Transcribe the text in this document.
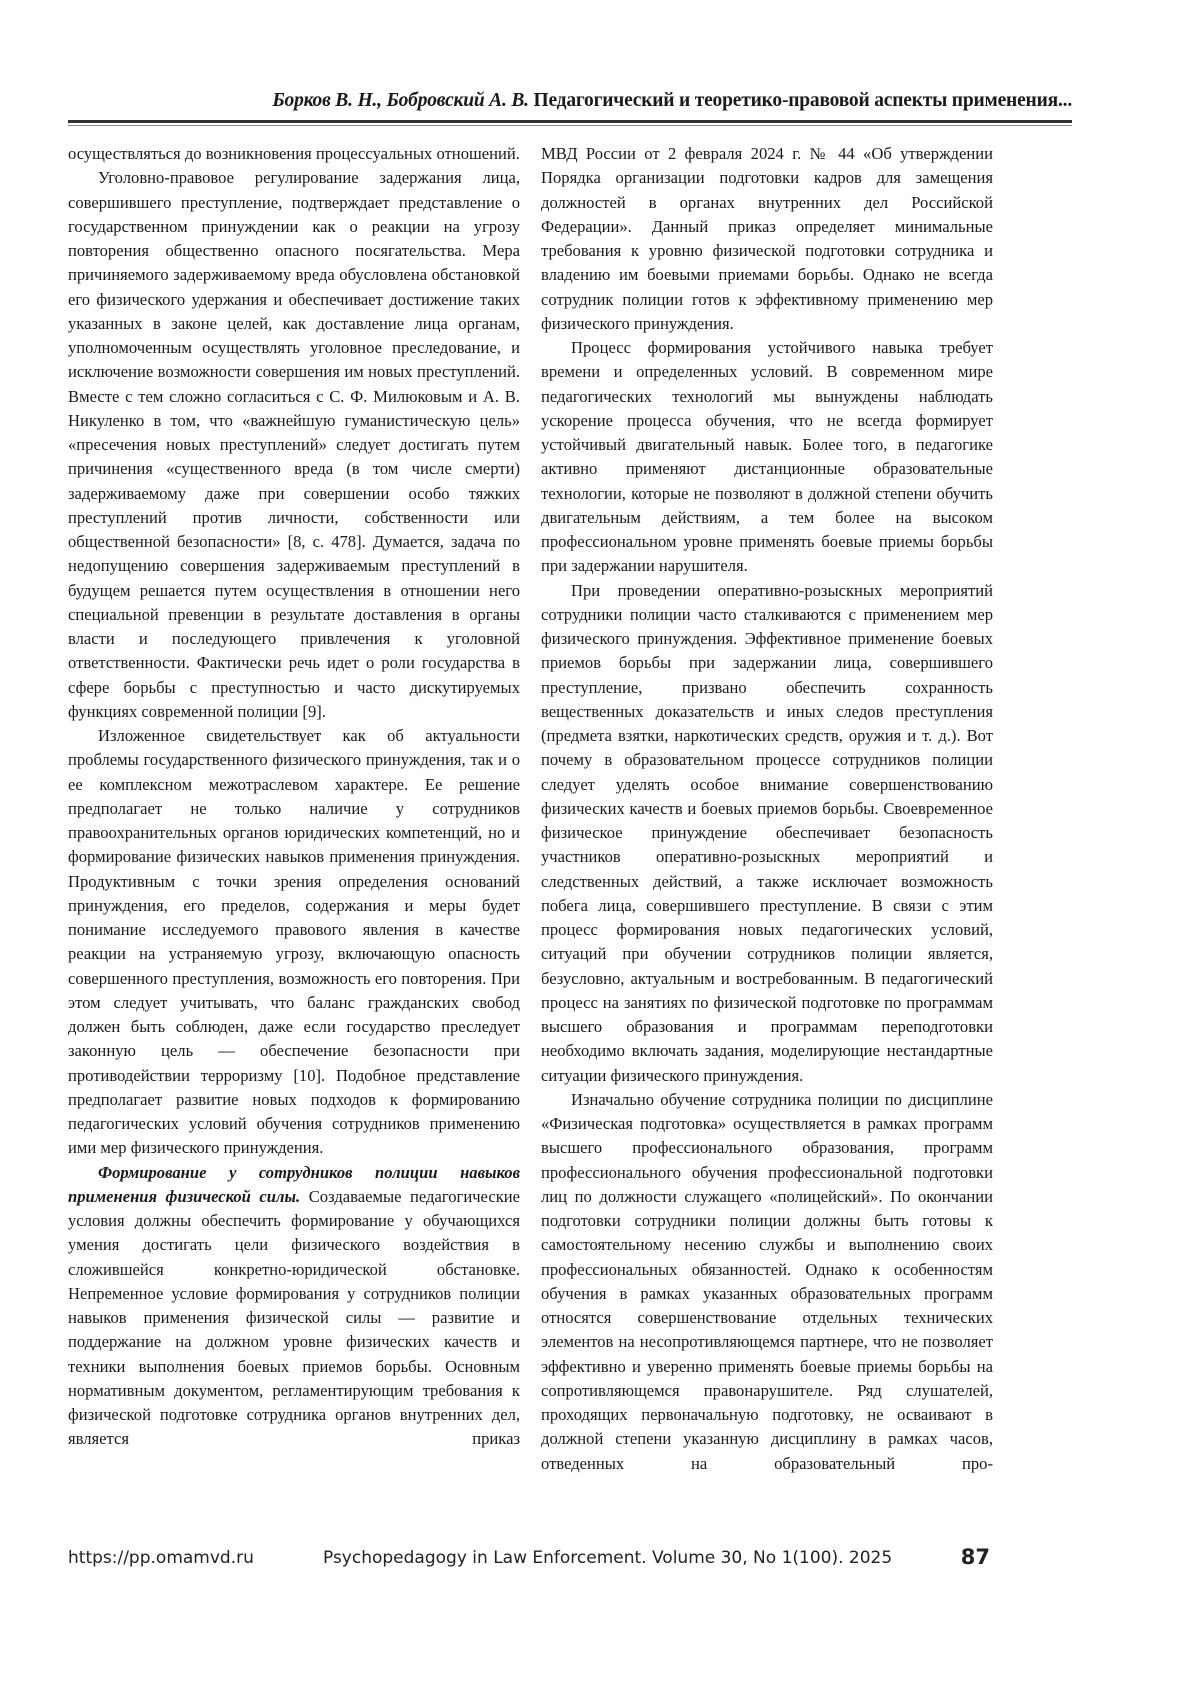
Борков В. Н., Бобровский А. В. Педагогический и теоретико-правовой аспекты применения...

осуществляться до возникновения процессуальных отношений.

Уголовно-правовое регулирование задержания лица, совершившего преступление, подтверждает представление о государственном принуждении как о реакции на угрозу повторения общественно опасного посягательства. Мера причиняемого задерживаемому вреда обусловлена обстановкой его физического удержания и обеспечивает достижение таких указанных в законе целей, как доставление лица органам, уполномоченным осуществлять уголовное преследование, и исключение возможности совершения им новых преступлений. Вместе с тем сложно согласиться с С. Ф. Милюковым и А. В. Никуленко в том, что «важнейшую гуманистическую цель» «пресечения новых преступлений» следует достигать путем причинения «существенного вреда (в том числе смерти) задерживаемому даже при совершении особо тяжких преступлений против личности, собственности или общественной безопасности» [8, с. 478]. Думается, задача по недопущению совершения задерживаемым преступлений в будущем решается путем осуществления в отношении него специальной превенции в результате доставления в органы власти и последующего привлечения к уголовной ответственности. Фактически речь идет о роли государства в сфере борьбы с преступностью и часто дискутируемых функциях современной полиции [9].

Изложенное свидетельствует как об актуальности проблемы государственного физического принуждения, так и о ее комплексном межотраслевом характере. Ее решение предполагает не только наличие у сотрудников правоохранительных органов юридических компетенций, но и формирование физических навыков применения принуждения. Продуктивным с точки зрения определения оснований принуждения, его пределов, содержания и меры будет понимание исследуемого правового явления в качестве реакции на устраняемую угрозу, включающую опасность совершенного преступления, возможность его повторения. При этом следует учитывать, что баланс гражданских свобод должен быть соблюден, даже если государство преследует законную цель — обеспечение безопасности при противодействии терроризму [10]. Подобное представление предполагает развитие новых подходов к формированию педагогических условий обучения сотрудников применению ими мер физического принуждения.

Формирование у сотрудников полиции навыков применения физической силы. Создаваемые педагогические условия должны обеспечить формирование у обучающихся умения достигать цели физического воздействия в сложившейся конкретно-юридической обстановке. Непременное условие формирования у сотрудников полиции навыков применения физической силы — развитие и поддержание на должном уровне физических качеств и техники выполнения боевых приемов борьбы. Основным нормативным документом, регламентирующим требования к физической подготовке сотрудника органов внутренних дел, является приказ

МВД России от 2 февраля 2024 г. № 44 «Об утверждении Порядка организации подготовки кадров для замещения должностей в органах внутренних дел Российской Федерации». Данный приказ определяет минимальные требования к уровню физической подготовки сотрудника и владению им боевыми приемами борьбы. Однако не всегда сотрудник полиции готов к эффективному применению мер физического принуждения.

Процесс формирования устойчивого навыка требует времени и определенных условий. В современном мире педагогических технологий мы вынуждены наблюдать ускорение процесса обучения, что не всегда формирует устойчивый двигательный навык. Более того, в педагогике активно применяют дистанционные образовательные технологии, которые не позволяют в должной степени обучить двигательным действиям, а тем более на высоком профессиональном уровне применять боевые приемы борьбы при задержании нарушителя.

При проведении оперативно-розыскных мероприятий сотрудники полиции часто сталкиваются с применением мер физического принуждения. Эффективное применение боевых приемов борьбы при задержании лица, совершившего преступление, призвано обеспечить сохранность вещественных доказательств и иных следов преступления (предмета взятки, наркотических средств, оружия и т. д.). Вот почему в образовательном процессе сотрудников полиции следует уделять особое внимание совершенствованию физических качеств и боевых приемов борьбы. Своевременное физическое принуждение обеспечивает безопасность участников оперативно-розыскных мероприятий и следственных действий, а также исключает возможность побега лица, совершившего преступление. В связи с этим процесс формирования новых педагогических условий, ситуаций при обучении сотрудников полиции является, безусловно, актуальным и востребованным. В педагогический процесс на занятиях по физической подготовке по программам высшего образования и программам переподготовки необходимо включать задания, моделирующие нестандартные ситуации физического принуждения.

Изначально обучение сотрудника полиции по дисциплине «Физическая подготовка» осуществляется в рамках программ высшего профессионального образования, программ профессионального обучения профессиональной подготовки лиц по должности служащего «полицейский». По окончании подготовки сотрудники полиции должны быть готовы к самостоятельному несению службы и выполнению своих профессиональных обязанностей. Однако к особенностям обучения в рамках указанных образовательных программ относятся совершенствование отдельных технических элементов на несопротивляющемся партнере, что не позволяет эффективно и уверенно применять боевые приемы борьбы на сопротивляющемся правонарушителе. Ряд слушателей, проходящих первоначальную подготовку, не осваивают в должной степени указанную дисциплину в рамках часов, отведенных на образовательный про-

https://pp.omamvd.ru	Psychopedagogy in Law Enforcement. Volume 30, No 1(100). 2025	87
